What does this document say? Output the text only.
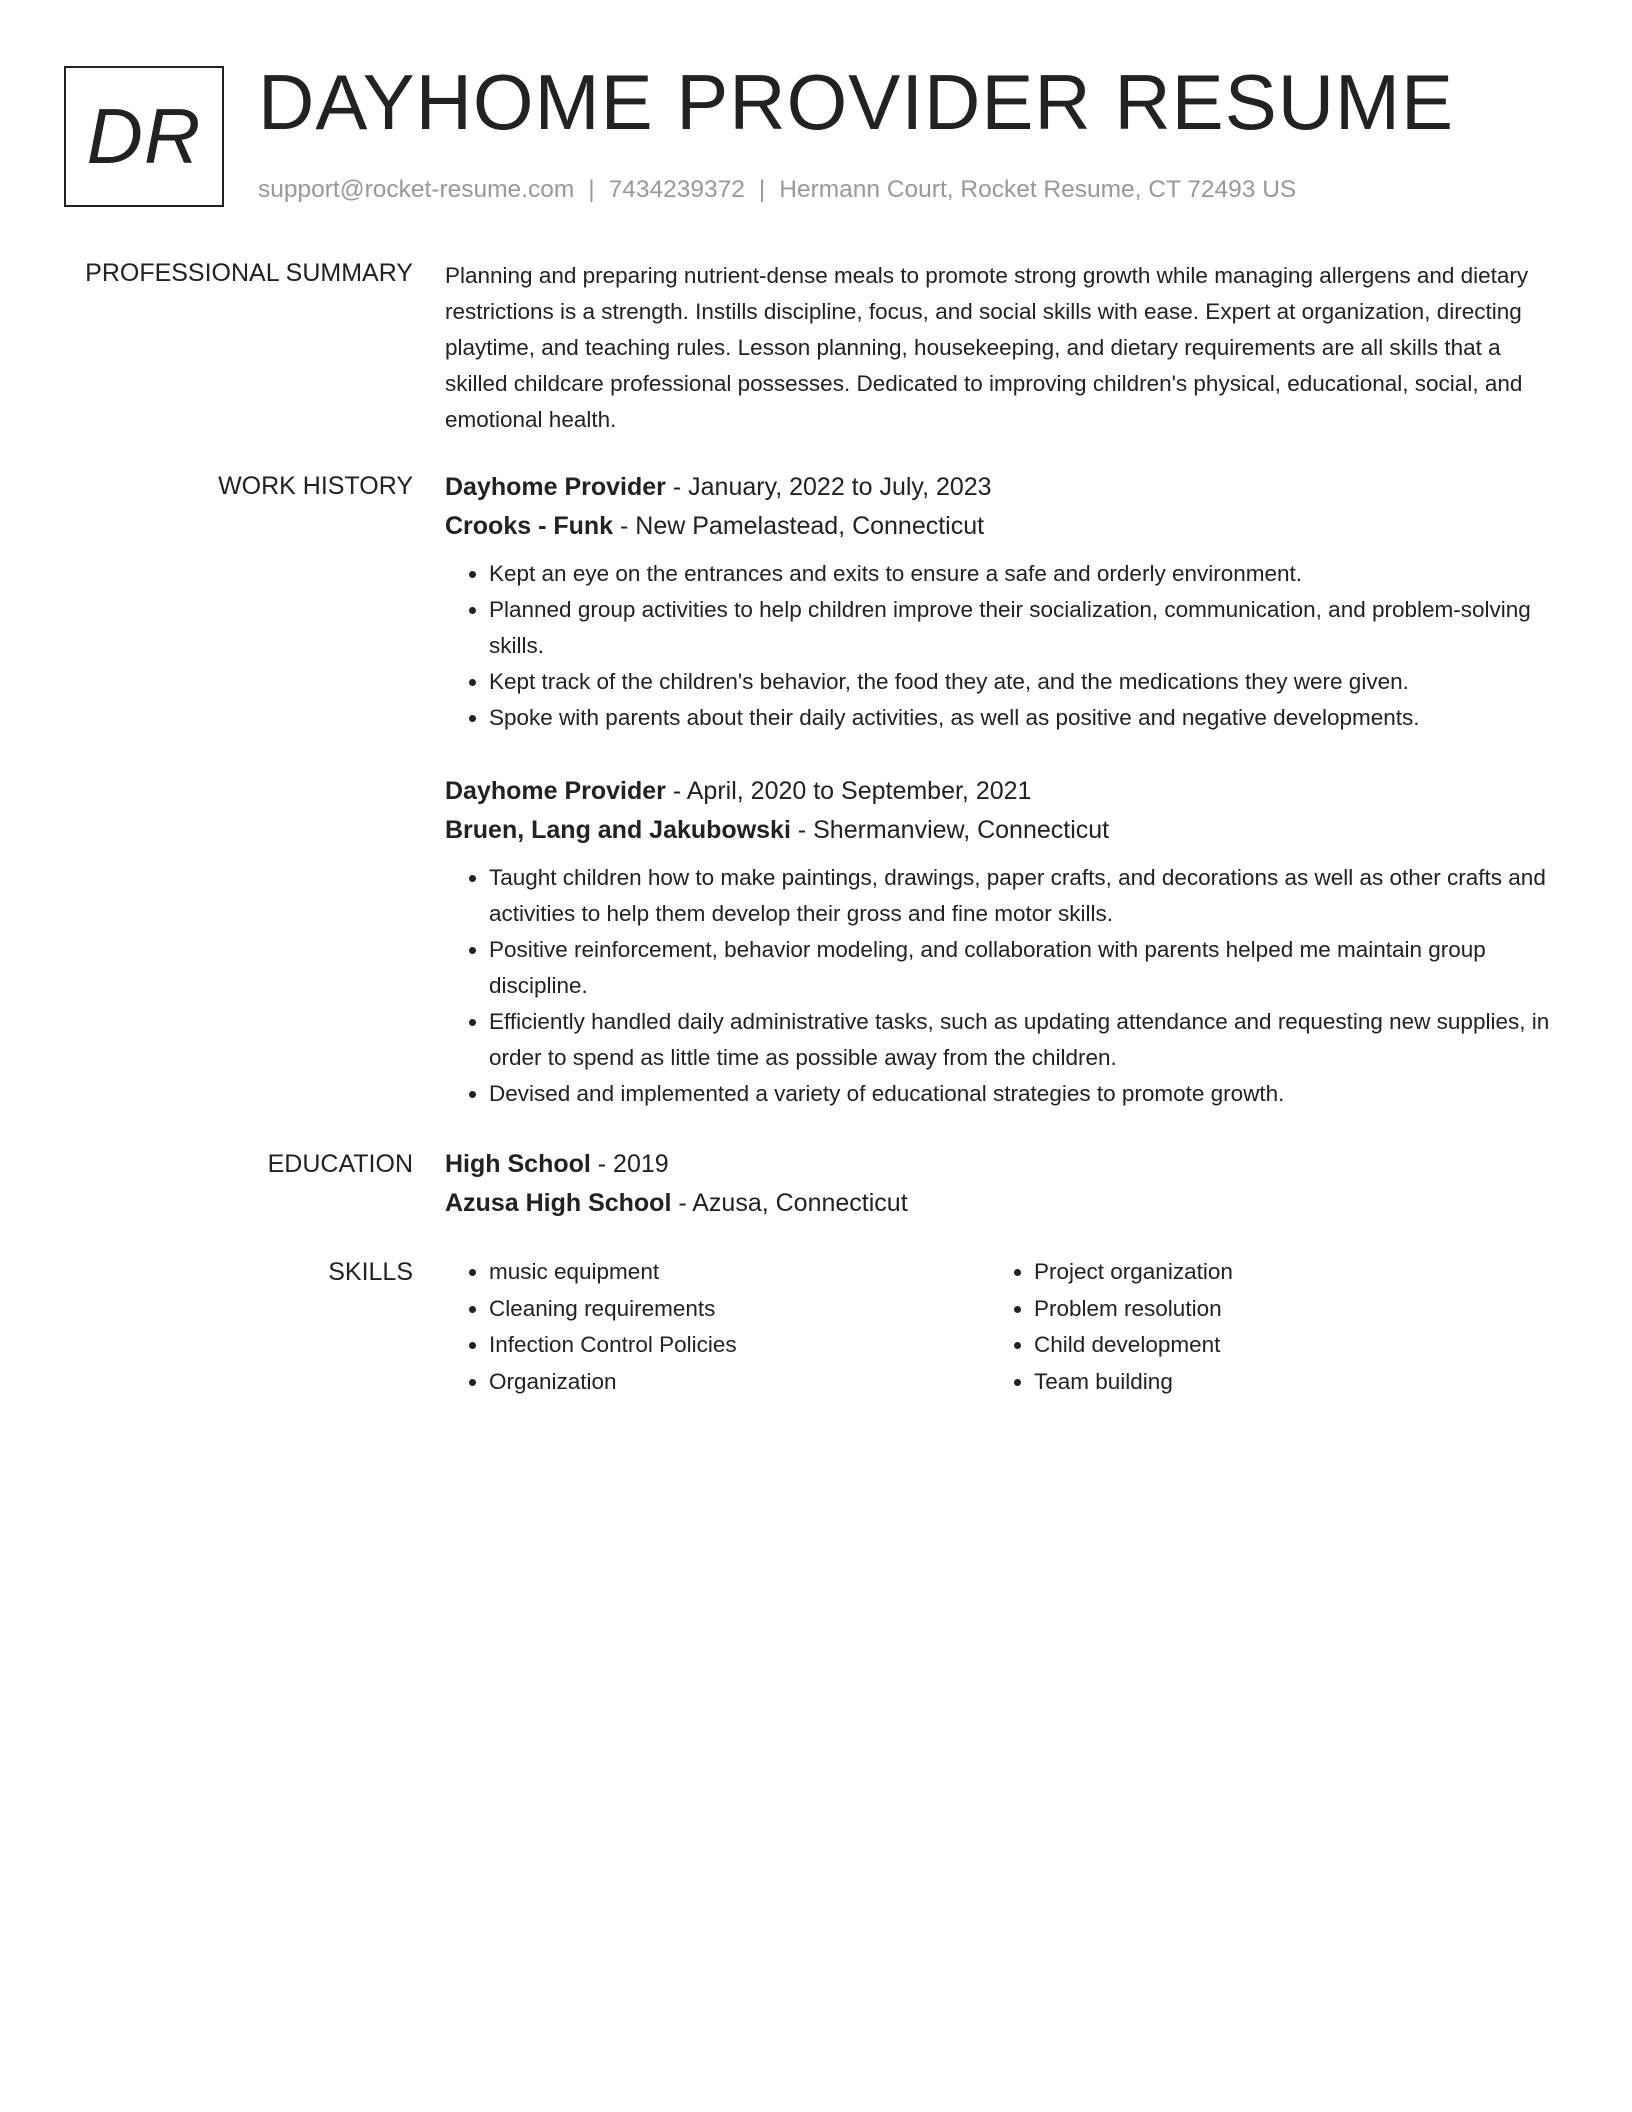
DR DAYHOME PROVIDER RESUME
support@rocket-resume.com | 7434239372 | Hermann Court, Rocket Resume, CT 72493 US
PROFESSIONAL SUMMARY Planning and preparing nutrient-dense meals to promote strong growth while managing allergens and dietary restrictions is a strength. Instills discipline, focus, and social skills with ease. Expert at organization, directing playtime, and teaching rules. Lesson planning, housekeeping, and dietary requirements are all skills that a skilled childcare professional possesses. Dedicated to improving children's physical, educational, social, and emotional health.

WORK HISTORY Dayhome Provider - January, 2022 to July, 2023
Crooks - Funk - New Pamelastead, Connecticut
• Kept an eye on the entrances and exits to ensure a safe and orderly environment.
• Planned group activities to help children improve their socialization, communication, and problem-solving skills.
• Kept track of the children's behavior, the food they ate, and the medications they were given.
• Spoke with parents about their daily activities, as well as positive and negative developments.
Dayhome Provider - April, 2020 to September, 2021
Bruen, Lang and Jakubowski - Shermanview, Connecticut
• Taught children how to make paintings, drawings, paper crafts, and decorations as well as other crafts and activities to help them develop their gross and fine motor skills.
• Positive reinforcement, behavior modeling, and collaboration with parents helped me maintain group discipline.
• Efficiently handled daily administrative tasks, such as updating attendance and requesting new supplies, in order to spend as little time as possible away from the children.
• Devised and implemented a variety of educational strategies to promote growth.
EDUCATION High School - 2019
Azusa High School - Azusa, Connecticut
SKILLS
•	music equipment
• Cleaning requirements
• Infection Control Policies
• Organization
• Project organization
• Problem resolution
• Child development
• Team building
